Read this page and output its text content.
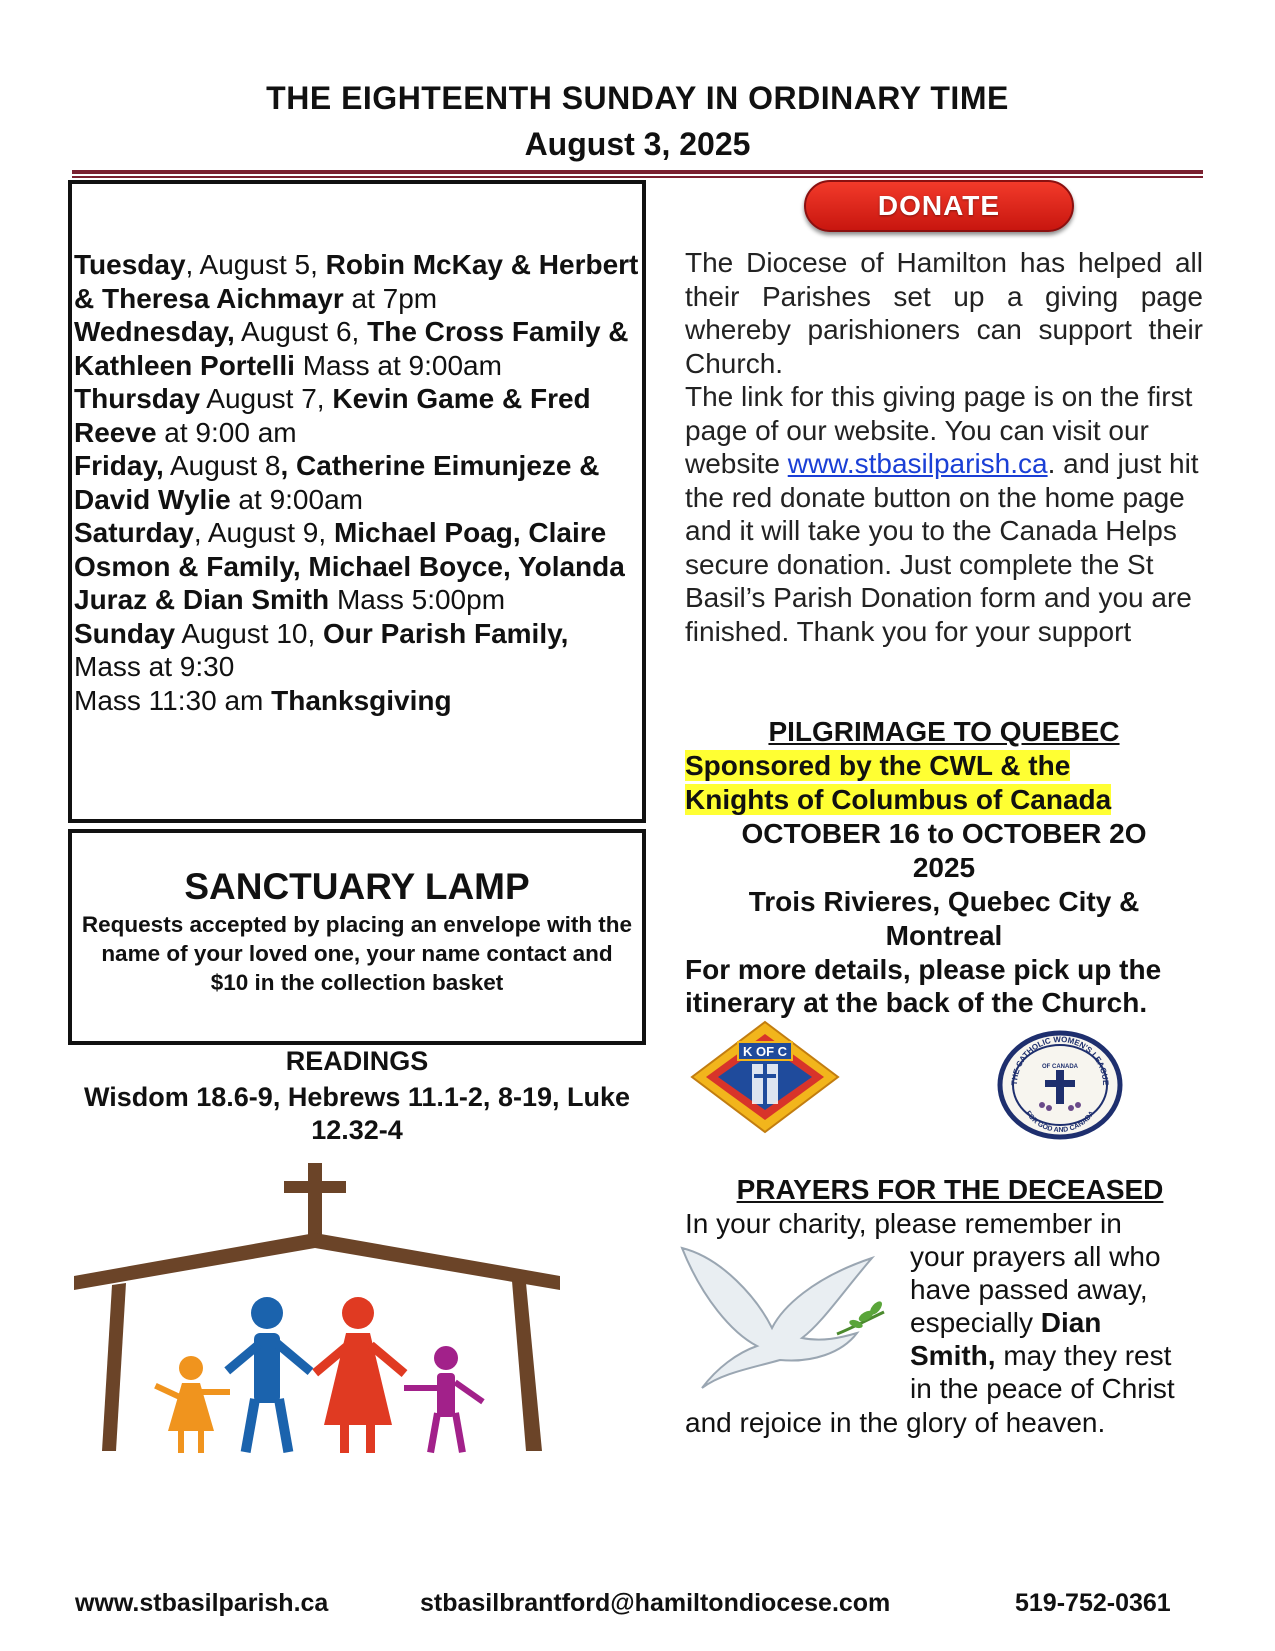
THE EIGHTEENTH SUNDAY IN ORDINARY TIME
August 3, 2025

Tuesday, August 5, Robin McKay & Herbert & Theresa Aichmayr at 7pm

Wednesday, August 6, The Cross Family & Kathleen Portelli Mass at 9:00am

Thursday August 7, Kevin Game & Fred Reeve at 9:00 am

Friday, August 8, Catherine Eimunjeze & David Wylie at 9:00am

Saturday, August 9, Michael Poag, Claire Osmon & Family, Michael Boyce, Yolanda Juraz & Dian Smith Mass 5:00pm

Sunday August 10, Our Parish Family, Mass at 9:30

Mass 11:30 am Thanksgiving

SANCTUARY LAMP
Requests accepted by placing an envelope with the name of your loved one, your name contact and $10 in the collection basket
READINGS
Wisdom 18.6-9, Hebrews 11.1-2, 8-19, Luke 12.32-4
DONATE

The Diocese of Hamilton has helped all their Parishes set up a giving page whereby parishioners can support their Church.

The link for this giving page is on the first page of our website. You can visit our website www.stbasilparish.ca. and just hit the red donate button on the home page and it will take you to the Canada Helps secure donation. Just complete the St Basil’s Parish Donation form and you are finished. Thank you for your support

PILGRIMAGE TO QUEBEC
Sponsored by the CWL & the
Knights of Columbus of Canada
OCTOBER 16 to OCTOBER 2O
2025
Trois Rivieres, Quebec City &
Montreal
For more details, please pick up the itinerary at the back of the Church.
K OF C
THE CATHOLIC WOMEN'S LEAGUE
FOR GOD AND CANADA
OF CANADA
PRAYERS FOR THE DECEASED
In your charity, please remember in

your prayers all who

have passed away,

especially Dian

Smith, may they rest

in the peace of Christ

and rejoice in the glory of heaven.
www.stbasilparish.ca	stbasilbrantford@hamiltondiocese.com	519-752-0361
